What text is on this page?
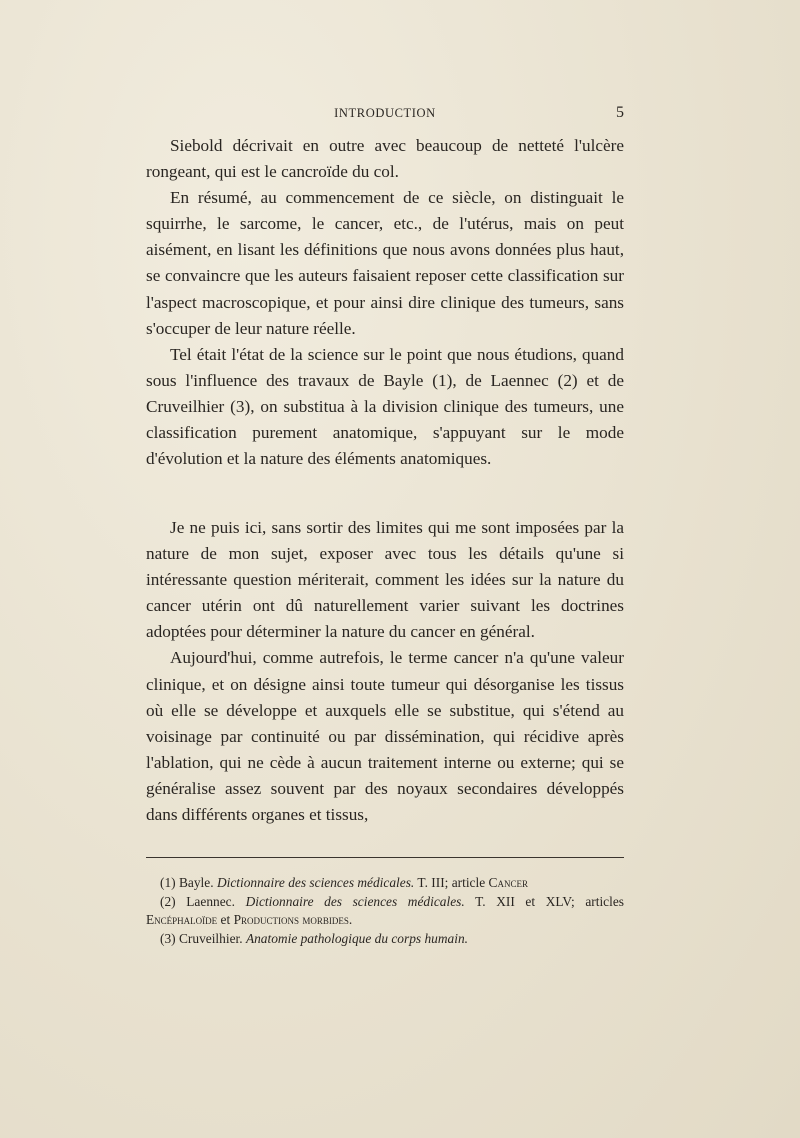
INTRODUCTION	5

Siebold décrivait en outre avec beaucoup de netteté l'ulcère rongeant, qui est le cancroïde du col.

En résumé, au commencement de ce siècle, on distinguait le squirrhe, le sarcome, le cancer, etc., de l'utérus, mais on peut aisément, en lisant les définitions que nous avons données plus haut, se convaincre que les auteurs faisaient reposer cette classification sur l'aspect macroscopique, et pour ainsi dire clinique des tumeurs, sans s'occuper de leur nature réelle.

Tel était l'état de la science sur le point que nous étudions, quand sous l'influence des travaux de Bayle (1), de Laennec (2) et de Cruveilhier (3), on substitua à la division clinique des tumeurs, une classification purement anatomique, s'appuyant sur le mode d'évolution et la nature des éléments anatomiques.

Je ne puis ici, sans sortir des limites qui me sont imposées par la nature de mon sujet, exposer avec tous les détails qu'une si intéressante question mériterait, comment les idées sur la nature du cancer utérin ont dû naturellement varier suivant les doctrines adoptées pour déterminer la nature du cancer en général.

Aujourd'hui, comme autrefois, le terme cancer n'a qu'une valeur clinique, et on désigne ainsi toute tumeur qui désorganise les tissus où elle se développe et auxquels elle se substitue, qui s'étend au voisinage par continuité ou par dissémination, qui récidive après l'ablation, qui ne cède à aucun traitement interne ou externe; qui se généralise assez souvent par des noyaux secondaires développés dans différents organes et tissus,

(1) Bayle. Dictionnaire des sciences médicales. T. III; article Cancer

(2) Laennec. Dictionnaire des sciences médicales. T. XII et XLV; articles Encéphaloïde et Productions morbides.

(3) Cruveilhier. Anatomie pathologique du corps humain.
